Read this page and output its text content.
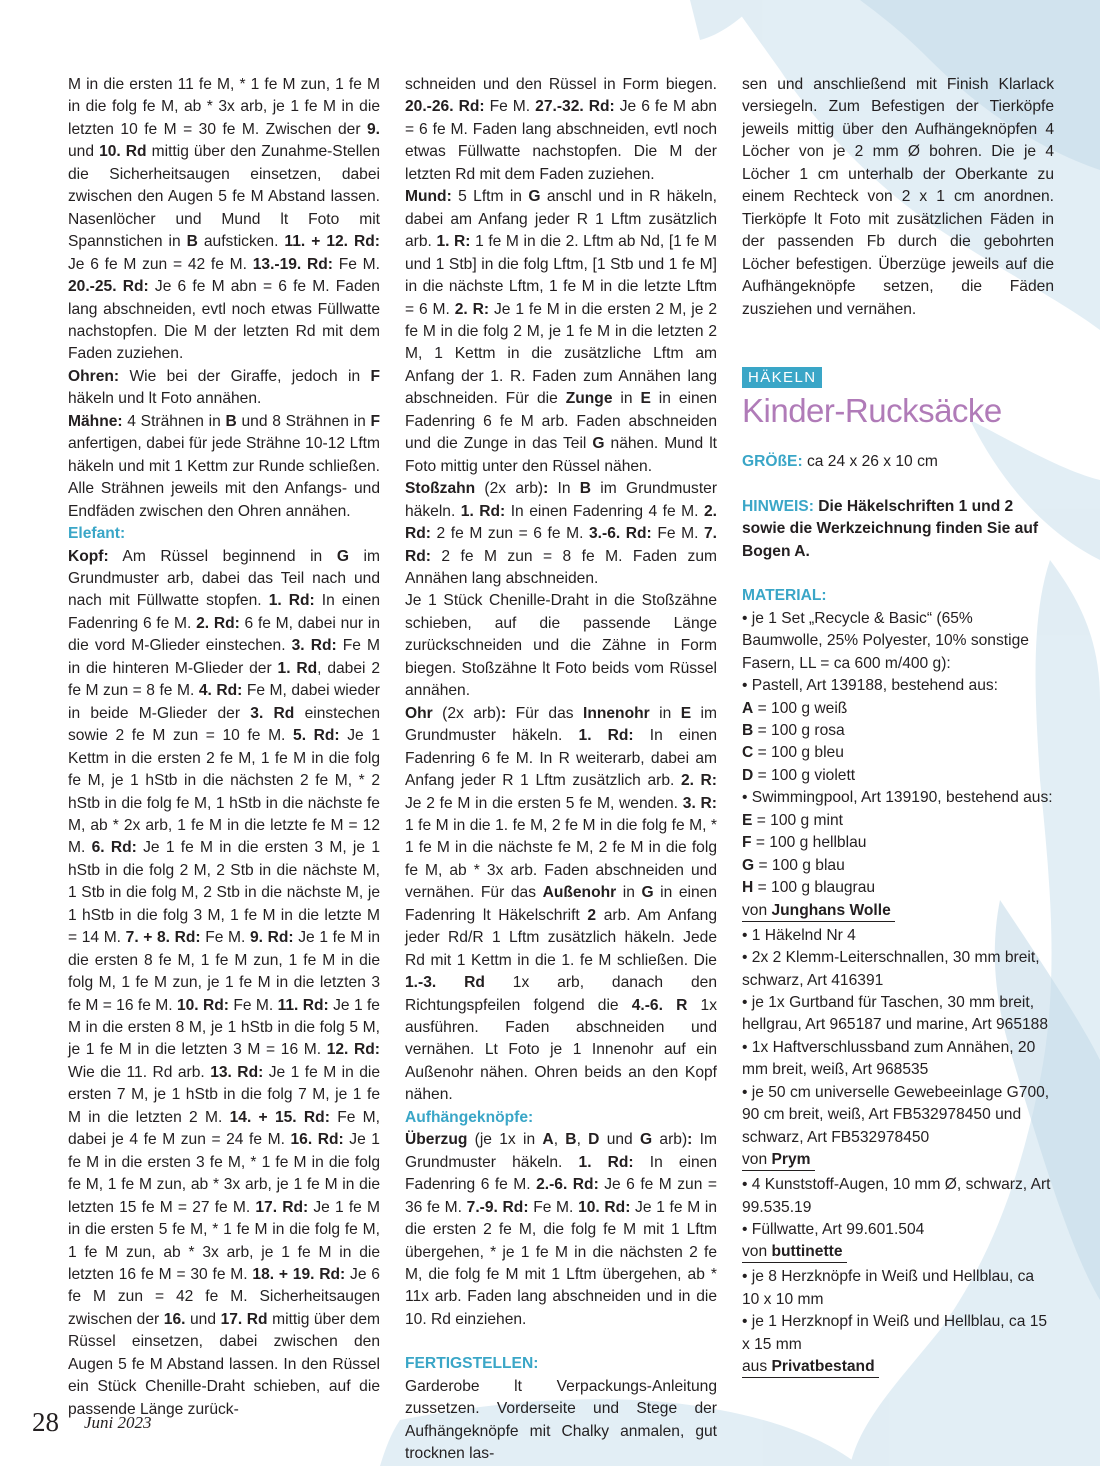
M in die ersten 11 fe M, * 1 fe M zun, 1 fe M in die folg fe M, ab * 3x arb, je 1 fe M in die letzten 10 fe M = 30 fe M. Zwischen der 9. und 10. Rd mittig über den Zunahme-Stellen die Sicherheitsaugen einsetzen, dabei zwischen den Augen 5 fe M Abstand lassen. Nasenlöcher und Mund lt Foto mit Spannstichen in B aufsticken. 11. + 12. Rd: Je 6 fe M zun = 42 fe M. 13.-19. Rd: Fe M. 20.-25. Rd: Je 6 fe M abn = 6 fe M. Faden lang abschneiden, evtl noch etwas Füllwatte nachstopfen. Die M der letzten Rd mit dem Faden zuziehen.

Ohren: Wie bei der Giraffe, jedoch in F häkeln und lt Foto annähen.

Mähne: 4 Strähnen in B und 8 Strähnen in F anfertigen, dabei für jede Strähne 10-12 Lftm häkeln und mit 1 Kettm zur Runde schließen. Alle Strähnen jeweils mit den Anfangs- und Endfäden zwischen den Ohren annähen.

Elefant:

Kopf: Am Rüssel beginnend in G im Grundmuster arb, dabei das Teil nach und nach mit Füllwatte stopfen. 1. Rd: In einen Fadenring 6 fe M. 2. Rd: 6 fe M, dabei nur in die vord M-Glieder einstechen. 3. Rd: Fe M in die hinteren M-Glieder der 1. Rd, dabei 2 fe M zun = 8 fe M. 4. Rd: Fe M, dabei wieder in beide M-Glieder der 3. Rd einstechen sowie 2 fe M zun = 10 fe M. 5. Rd: Je 1 Kettm in die ersten 2 fe M, 1 fe M in die folg fe M, je 1 hStb in die nächsten 2 fe M, * 2 hStb in die folg fe M, 1 hStb in die nächste fe M, ab * 2x arb, 1 fe M in die letzte fe M = 12 M. 6. Rd: Je 1 fe M in die ersten 3 M, je 1 hStb in die folg 2 M, 2 Stb in die nächste M, 1 Stb in die folg M, 2 Stb in die nächste M, je 1 hStb in die folg 3 M, 1 fe M in die letzte M = 14 M. 7. + 8. Rd: Fe M. 9. Rd: Je 1 fe M in die ersten 8 fe M, 1 fe M zun, 1 fe M in die folg M, 1 fe M zun, je 1 fe M in die letzten 3 fe M = 16 fe M. 10. Rd: Fe M. 11. Rd: Je 1 fe M in die ersten 8 M, je 1 hStb in die folg 5 M, je 1 fe M in die letzten 3 M = 16 M. 12. Rd: Wie die 11. Rd arb. 13. Rd: Je 1 fe M in die ersten 7 M, je 1 hStb in die folg 7 M, je 1 fe M in die letzten 2 M. 14. + 15. Rd: Fe M, dabei je 4 fe M zun = 24 fe M. 16. Rd: Je 1 fe M in die ersten 3 fe M, * 1 fe M in die folg fe M, 1 fe M zun, ab * 3x arb, je 1 fe M in die letzten 15 fe M = 27 fe M. 17. Rd: Je 1 fe M in die ersten 5 fe M, * 1 fe M in die folg fe M, 1 fe M zun, ab * 3x arb, je 1 fe M in die letzten 16 fe M = 30 fe M. 18. + 19. Rd: Je 6 fe M zun = 42 fe M. Sicherheitsaugen zwischen der 16. und 17. Rd mittig über dem Rüssel einsetzen, dabei zwischen den Augen 5 fe M Abstand lassen. In den Rüssel ein Stück Chenille-Draht schieben, auf die passende Länge zurück-

schneiden und den Rüssel in Form biegen. 20.-26. Rd: Fe M. 27.-32. Rd: Je 6 fe M abn = 6 fe M. Faden lang abschneiden, evtl noch etwas Füllwatte nachstopfen. Die M der letzten Rd mit dem Faden zuziehen.

Mund: 5 Lftm in G anschl und in R häkeln, dabei am Anfang jeder R 1 Lftm zusätzlich arb. 1. R: 1 fe M in die 2. Lftm ab Nd, [1 fe M und 1 Stb] in die folg Lftm, [1 Stb und 1 fe M] in die nächste Lftm, 1 fe M in die letzte Lftm = 6 M. 2. R: Je 1 fe M in die ersten 2 M, je 2 fe M in die folg 2 M, je 1 fe M in die letzten 2 M, 1 Kettm in die zusätzliche Lftm am Anfang der 1. R. Faden zum Annähen lang abschneiden. Für die Zunge in E in einen Fadenring 6 fe M arb. Faden abschneiden und die Zunge in das Teil G nähen. Mund lt Foto mittig unter den Rüssel nähen.

Stoßzahn (2x arb): In B im Grundmuster häkeln. 1. Rd: In einen Fadenring 4 fe M. 2. Rd: 2 fe M zun = 6 fe M. 3.-6. Rd: Fe M. 7. Rd: 2 fe M zun = 8 fe M. Faden zum Annähen lang abschneiden.

Je 1 Stück Chenille-Draht in die Stoßzähne schieben, auf die passende Länge zurückschneiden und die Zähne in Form biegen. Stoßzähne lt Foto beids vom Rüssel annähen.

Ohr (2x arb): Für das Innenohr in E im Grundmuster häkeln. 1. Rd: In einen Fadenring 6 fe M. In R weiterarb, dabei am Anfang jeder R 1 Lftm zusätzlich arb. 2. R: Je 2 fe M in die ersten 5 fe M, wenden. 3. R: 1 fe M in die 1. fe M, 2 fe M in die folg fe M, * 1 fe M in die nächste fe M, 2 fe M in die folg fe M, ab * 3x arb. Faden abschneiden und vernähen. Für das Außenohr in G in einen Fadenring lt Häkelschrift 2 arb. Am Anfang jeder Rd/R 1 Lftm zusätzlich häkeln. Jede Rd mit 1 Kettm in die 1. fe M schließen. Die 1.-3. Rd 1x arb, danach den Richtungspfeilen folgend die 4.-6. R 1x ausführen. Faden abschneiden und vernähen. Lt Foto je 1 Innenohr auf ein Außenohr nähen. Ohren beids an den Kopf nähen.

Aufhängeknöpfe:

Überzug (je 1x in A, B, D und G arb): Im Grundmuster häkeln. 1. Rd: In einen Fadenring 6 fe M. 2.-6. Rd: Je 6 fe M zun = 36 fe M. 7.-9. Rd: Fe M. 10. Rd: Je 1 fe M in die ersten 2 fe M, die folg fe M mit 1 Lftm übergehen, * je 1 fe M in die nächsten 2 fe M, die folg fe M mit 1 Lftm übergehen, ab * 11x arb. Faden lang abschneiden und in die 10. Rd einziehen.

FERTIGSTELLEN:

Garderobe lt Verpackungs-Anleitung zussetzen. Vorderseite und Stege der Aufhängeknöpfe mit Chalky anmalen, gut trocknen las-

sen und anschließend mit Finish Klarlack versiegeln. Zum Befestigen der Tierköpfe jeweils mittig über den Aufhängeknöpfen 4 Löcher von je 2 mm Ø bohren. Die je 4 Löcher 1 cm unterhalb der Oberkante zu einem Rechteck von 2 x 1 cm anordnen. Tierköpfe lt Foto mit zusätzlichen Fäden in der passenden Fb durch die gebohrten Löcher befestigen. Überzüge jeweils auf die Aufhängeknöpfe setzen, die Fäden zusziehen und vernähen.

HÄKELN
Kinder-Rucksäcke

GRÖßE: ca 24 x 26 x 10 cm

HINWEIS: Die Häkelschriften 1 und 2 sowie die Werkzeichnung finden Sie auf Bogen A.

MATERIAL:

• je 1 Set „Recycle & Basic“ (65% Baumwolle, 25% Polyester, 10% sonstige Fasern, LL = ca 600 m/400 g):

• Pastell, Art 139188, bestehend aus:

A = 100 g weiß

B = 100 g rosa

C = 100 g bleu

D = 100 g violett

• Swimmingpool, Art 139190, bestehend aus:

E = 100 g mint

F = 100 g hellblau

G = 100 g blau

H = 100 g blaugrau

von Junghans Wolle

• 1 Häkelnd Nr 4

• 2x 2 Klemm-Leiterschnallen, 30 mm breit, schwarz, Art 416391

• je 1x Gurtband für Taschen, 30 mm breit, hellgrau, Art 965187 und marine, Art 965188

• 1x Haftverschlussband zum Annähen, 20 mm breit, weiß, Art 968535

• je 50 cm universelle Gewebeeinlage G700, 90 cm breit, weiß, Art FB532978450 und schwarz, Art FB532978450

von Prym

• 4 Kunststoff-Augen, 10 mm Ø, schwarz, Art 99.535.19

• Füllwatte, Art 99.601.504

von buttinette

• je 8 Herzknöpfe in Weiß und Hellblau, ca 10 x 10 mm

• je 1 Herzknopf in Weiß und Hellblau, ca 15 x 15 mm

aus Privatbestand
28 Juni 2023
